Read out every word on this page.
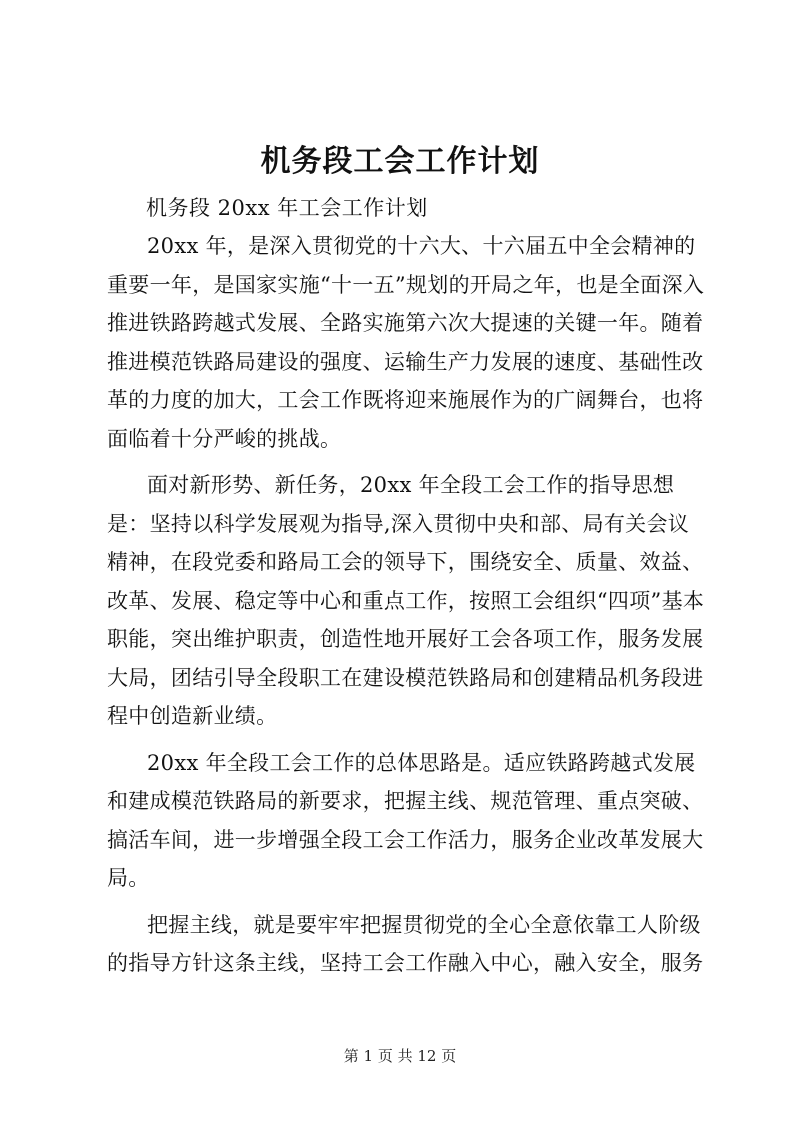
机务段工会工作计划
机务段 20xx 年工会工作计划

20xx 年，是深入贯彻党的十六大、十六届五中全会精神的重要一年，是国家实施“十一五”规划的开局之年，也是全面深入推进铁路跨越式发展、全路实施第六次大提速的关键一年。随着推进模范铁路局建设的强度、运输生产力发展的速度、基础性改革的力度的加大，工会工作既将迎来施展作为的广阔舞台，也将面临着十分严峻的挑战。

面对新形势、新任务，20xx 年全段工会工作的指导思想是：坚持以科学发展观为指导,深入贯彻中央和部、局有关会议精神，在段党委和路局工会的领导下，围绕安全、质量、效益、改革、发展、稳定等中心和重点工作，按照工会组织“四项”基本职能，突出维护职责，创造性地开展好工会各项工作，服务发展大局，团结引导全段职工在建设模范铁路局和创建精品机务段进程中创造新业绩。

20xx 年全段工会工作的总体思路是。适应铁路跨越式发展和建成模范铁路局的新要求，把握主线、规范管理、重点突破、搞活车间，进一步增强全段工会工作活力，服务企业改革发展大局。

把握主线，就是要牢牢把握贯彻党的全心全意依靠工人阶级的指导方针这条主线，坚持工会工作融入中心，融入安全，服务

第 1 页 共 12 页
